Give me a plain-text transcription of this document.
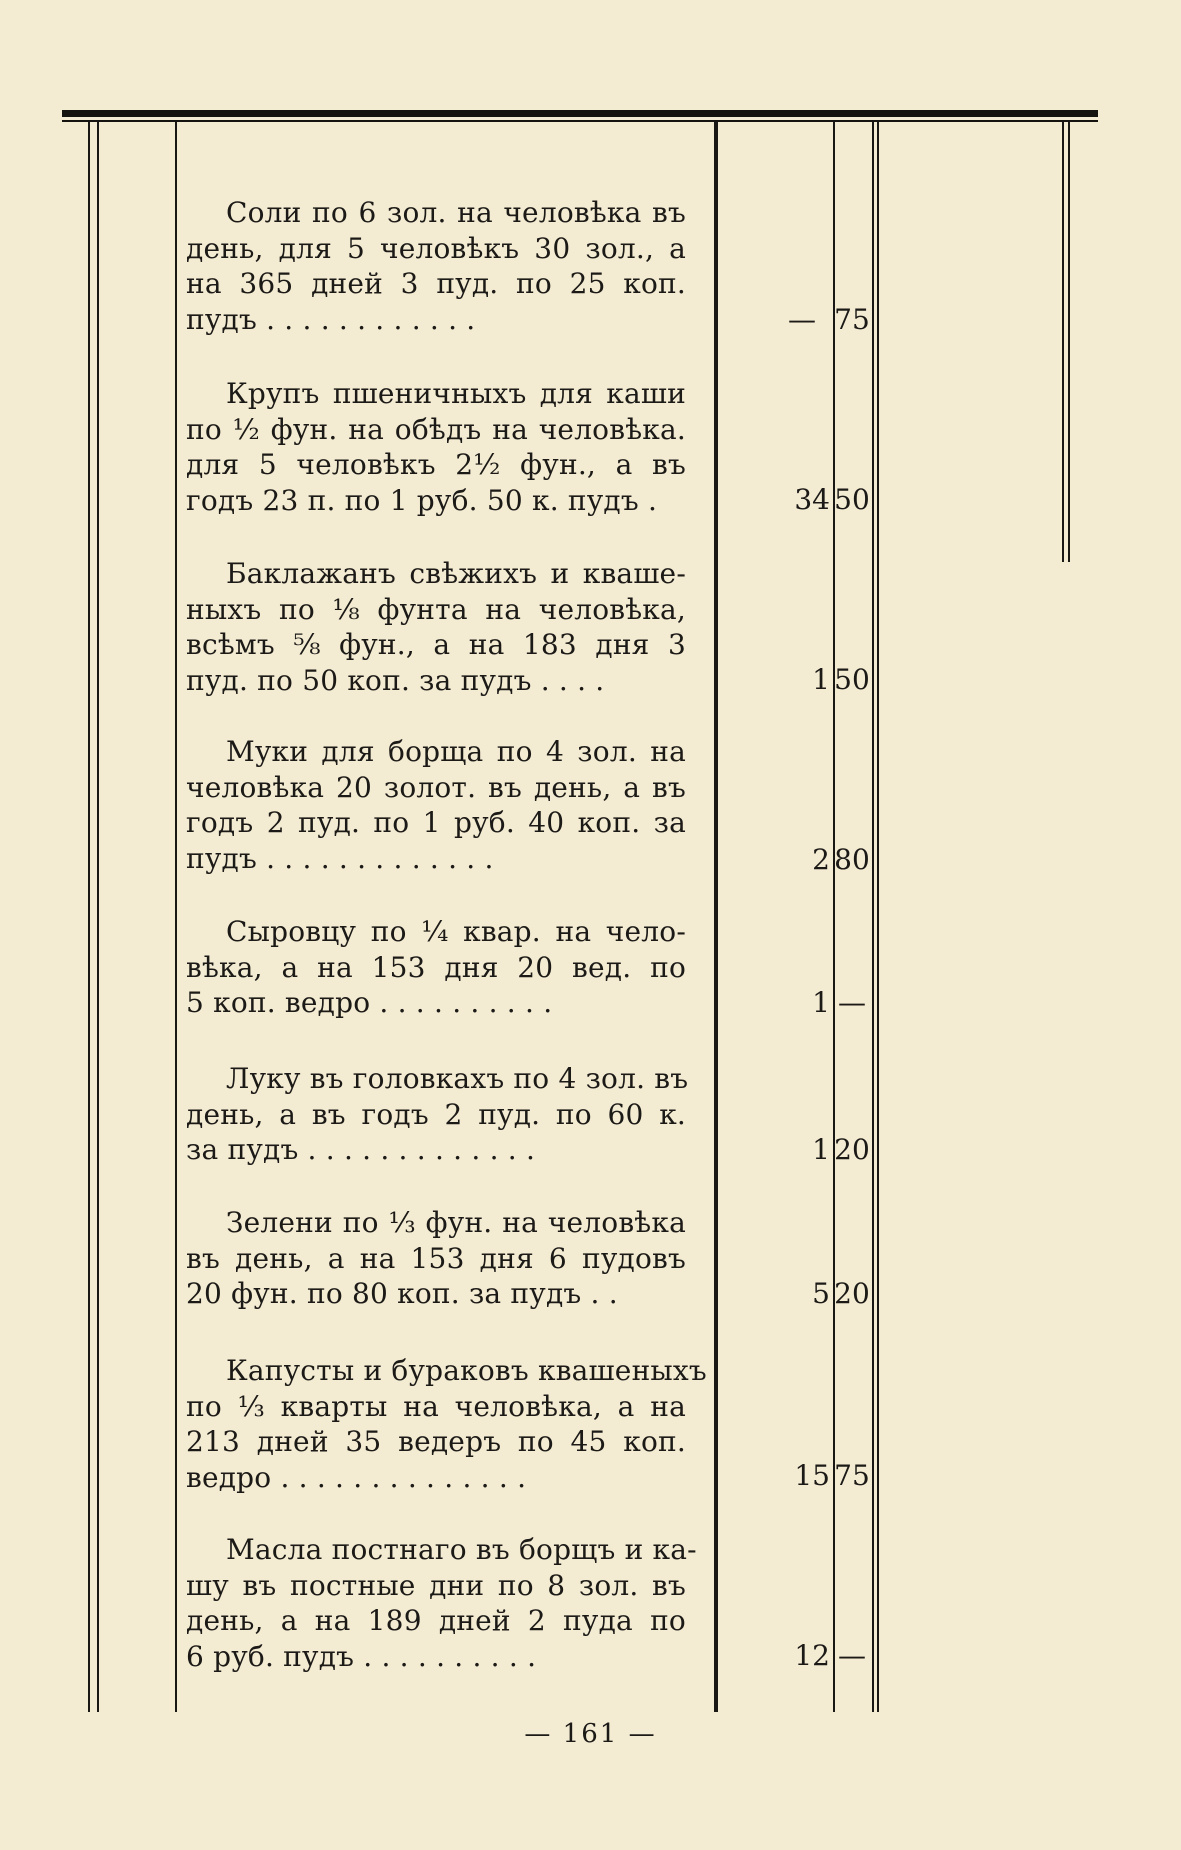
Соли по 6 зол. на человѣка въ
день, для 5 человѣкъ 30 зол., а
на 365 дней 3 пуд. по 25 коп.
пудъ . . . . . . . . . . . .	— 75
Крупъ пшеничныхъ для каши
по ½ фун. на обѣдъ на человѣка.
для 5 человѣкъ 2½ фун., а въ
годъ 23 п. по 1 руб. 50 к. пудъ .	34 50
Баклажанъ свѣжихъ и кваше-
ныхъ по ⅛ фунта на человѣка,
всѣмъ ⅝ фун., а на 183 дня 3
пуд. по 50 коп. за пудъ . . . .	1 50
Муки для борща по 4 зол. на
человѣка 20 золот. въ день, а въ
годъ 2 пуд. по 1 руб. 40 коп. за
пудъ . . . . . . . . . . . . .	2 80
Сыровцу по ¼ квар. на чело-
вѣка, а на 153 дня 20 вед. по
5 коп. ведро . . . . . . . . . .	1 —
Луку въ головкахъ по 4 зол. въ
день, а въ годъ 2 пуд. по 60 к.
за пудъ . . . . . . . . . . . . .	1 20
Зелени по ⅓ фун. на человѣка
въ день, а на 153 дня 6 пудовъ
20 фун. по 80 коп. за пудъ . .	5 20
Капусты и бураковъ квашеныхъ
по ⅓ кварты на человѣка, а на
213 дней 35 ведеръ по 45 коп.
ведро . . . . . . . . . . . . . .	15 75
Масла постнаго въ борщъ и ка-
шу въ постные дни по 8 зол. въ
день, а на 189 дней 2 пуда по
6 руб. пудъ . . . . . . . . . .	12 —
— 161 —
